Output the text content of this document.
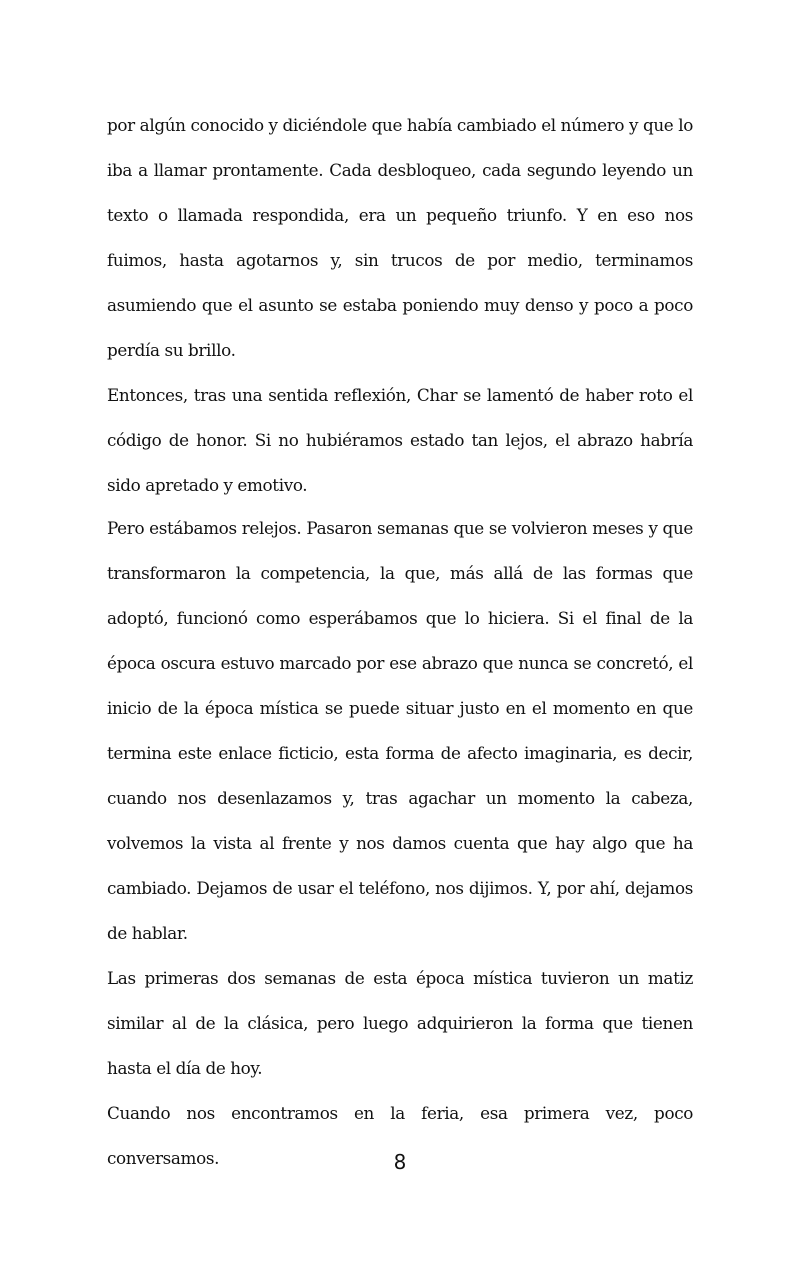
por algún conocido y diciéndole que había cambiado el número y que lo iba a llamar prontamente. Cada desbloqueo, cada segundo leyendo un texto o llamada respondida, era un pequeño triunfo. Y en eso nos fuimos, hasta agotarnos y, sin trucos de por medio, terminamos asumiendo que el asunto se estaba poniendo muy denso y poco a poco perdía su brillo.

Entonces, tras una sentida reflexión, Char se lamentó de haber roto el código de honor. Si no hubiéramos estado tan lejos, el abrazo habría sido apretado y emotivo.

Pero estábamos relejos. Pasaron semanas que se volvieron meses y que transformaron la competencia, la que, más allá de las formas que adoptó, funcionó como esperábamos que lo hiciera. Si el final de la época oscura estuvo marcado por ese abrazo que nunca se concretó, el inicio de la época mística se puede situar justo en el momento en que termina este enlace ficticio, esta forma de afecto imaginaria, es decir, cuando nos desenlazamos y, tras agachar un momento la cabeza, volvemos la vista al frente y nos damos cuenta que hay algo que ha cambiado. Dejamos de usar el teléfono, nos dijimos. Y, por ahí, dejamos de hablar.

Las primeras dos semanas de esta época mística tuvieron un matiz similar al de la clásica, pero luego adquirieron la forma que tienen hasta el día de hoy.

Cuando nos encontramos en la feria, esa primera vez, poco conversamos.	8
